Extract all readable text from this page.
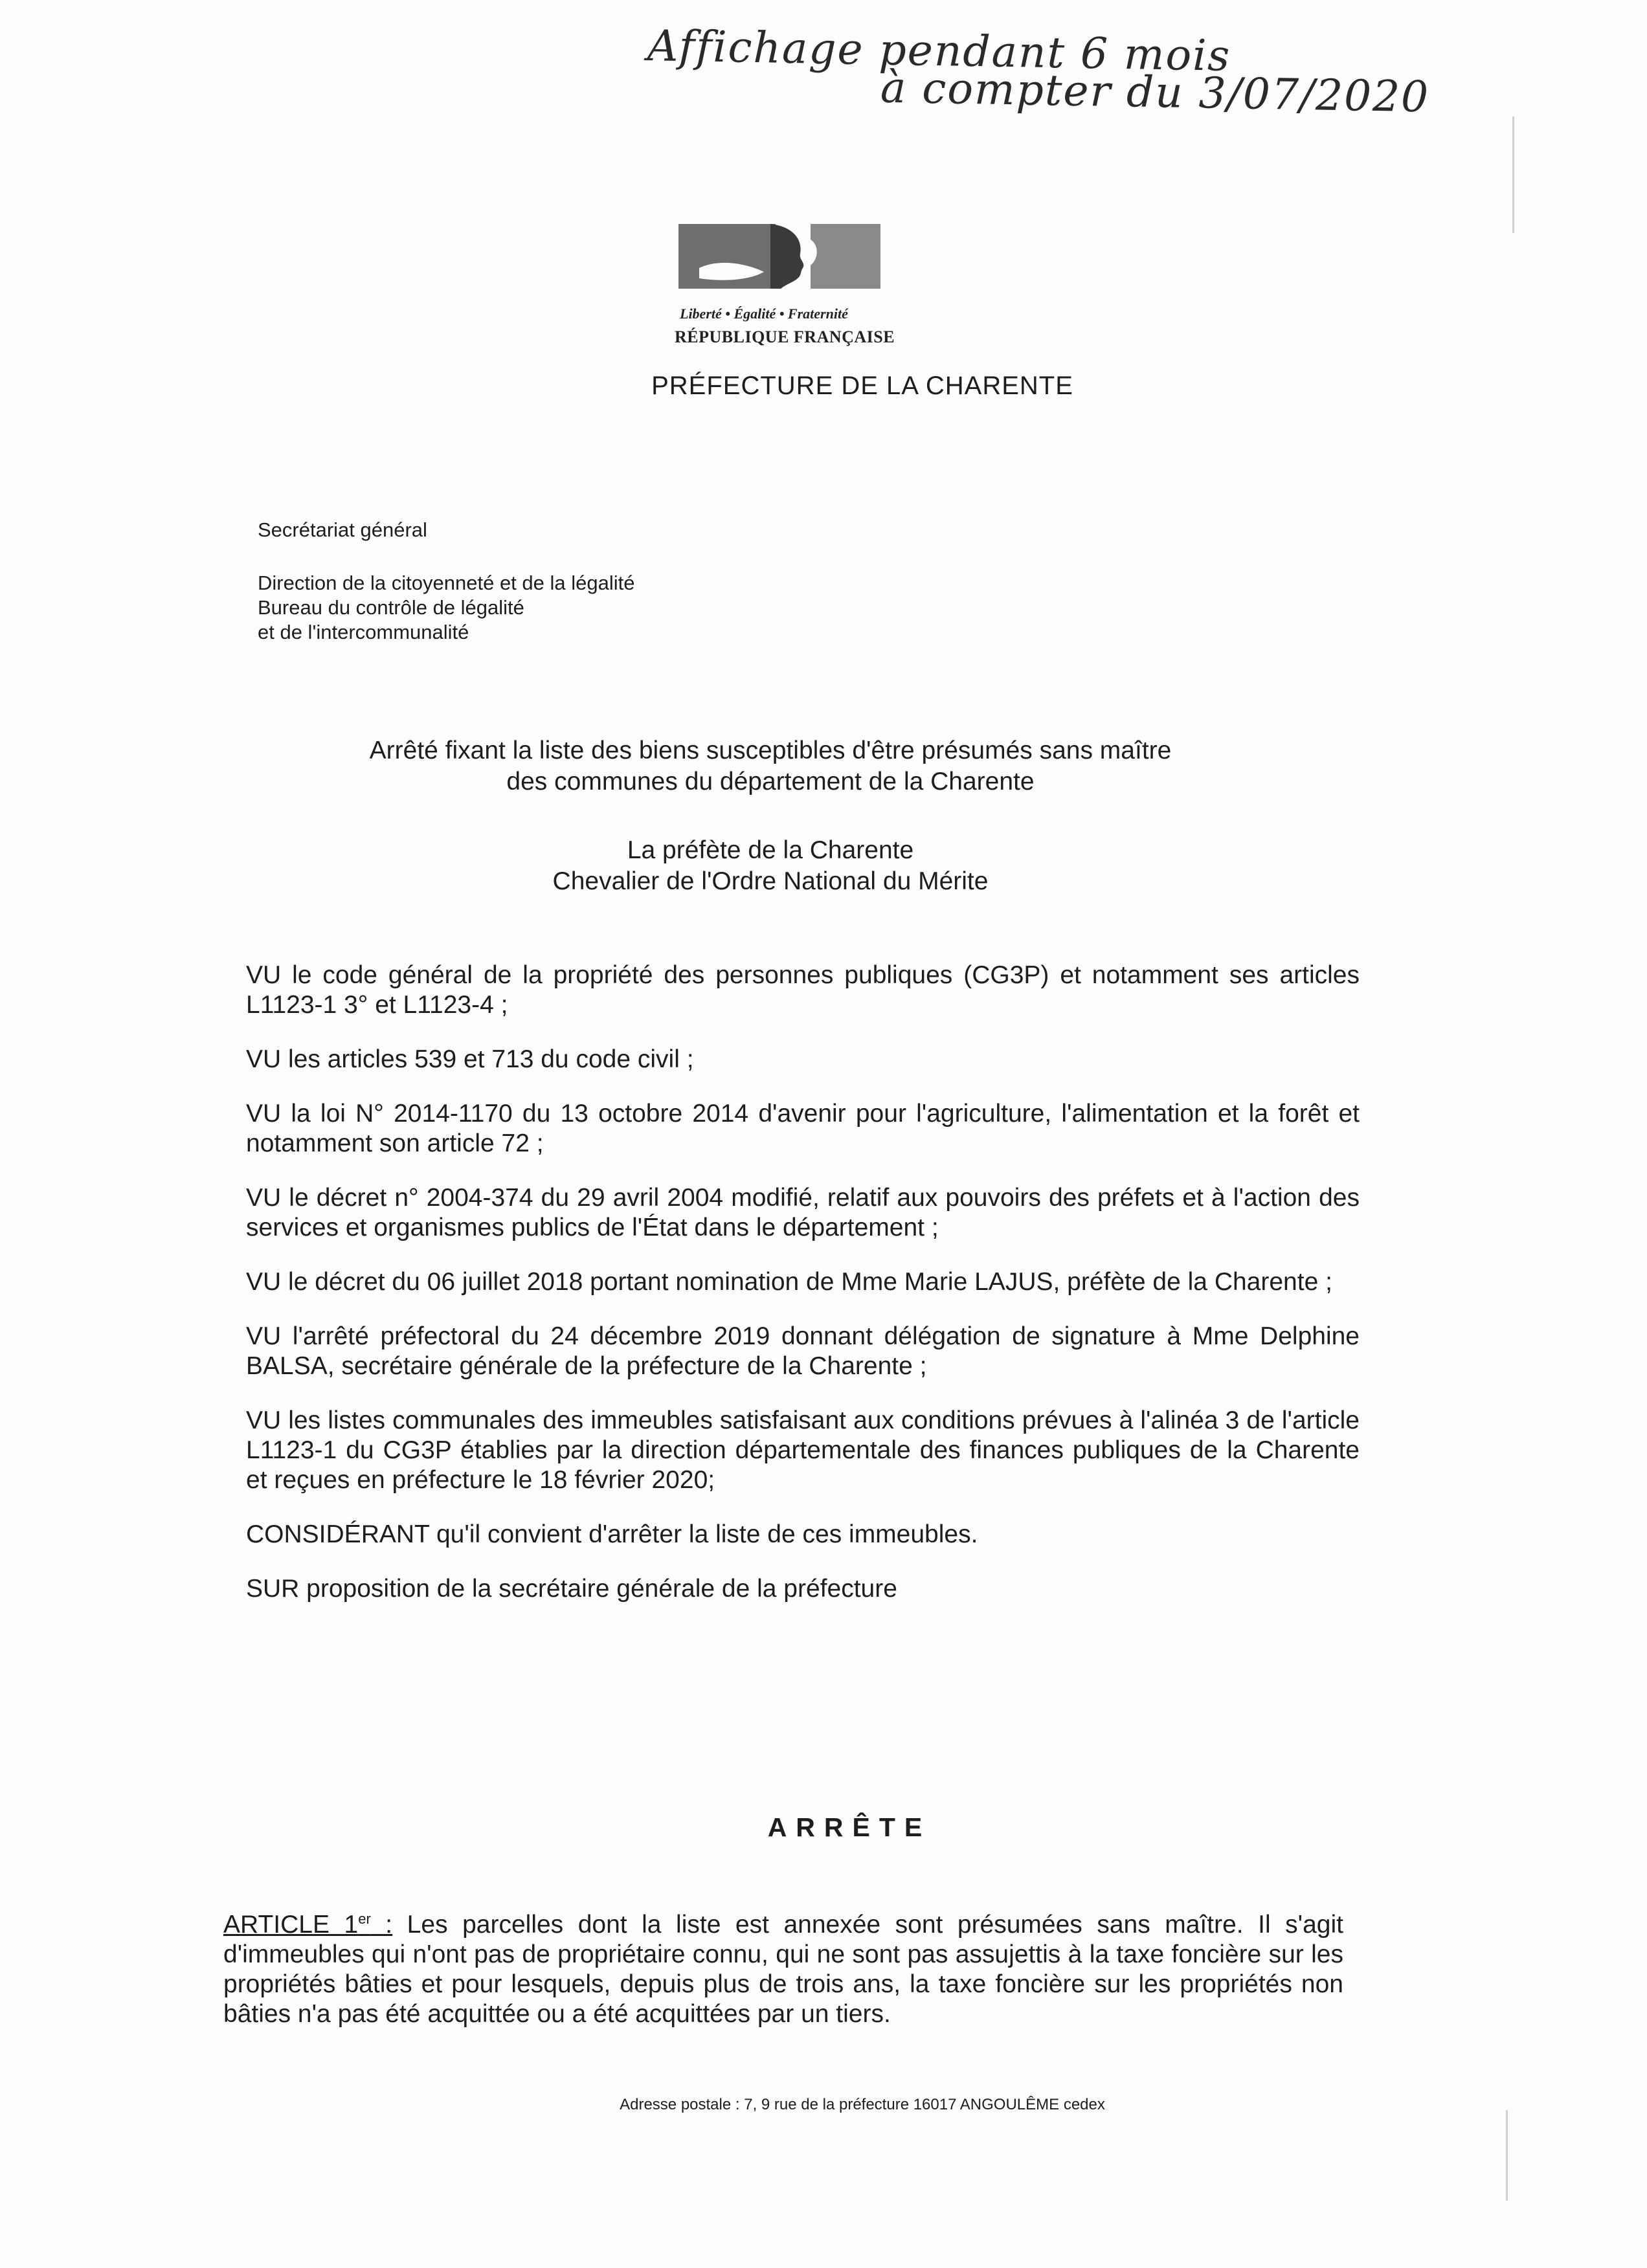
Affichage pendant 6 mois
à compter du 3/07/2020
Liberté • Égalité • Fraternité
RÉPUBLIQUE FRANÇAISE
PRÉFECTURE DE LA CHARENTE
Secrétariat général
Direction de la citoyenneté et de la légalité
Bureau du contrôle de légalité
et de l'intercommunalité
Arrêté fixant la liste des biens susceptibles d'être présumés sans maître
des communes du département de la Charente
La préfète de la Charente
Chevalier de l'Ordre National du Mérite

VU le code général de la propriété des personnes publiques (CG3P) et notamment ses articles L1123-1 3° et L1123-4 ;

VU les articles 539 et 713 du code civil ;

VU la loi N° 2014-1170 du 13 octobre 2014 d'avenir pour l'agriculture, l'alimentation et la forêt et notamment son article 72 ;

VU le décret n° 2004-374 du 29 avril 2004 modifié, relatif aux pouvoirs des préfets et à l'action des services et organismes publics de l'État dans le département ;

VU le décret du 06 juillet 2018 portant nomination de Mme Marie LAJUS, préfète de la Charente ;

VU l'arrêté préfectoral du 24 décembre 2019 donnant délégation de signature à Mme Delphine BALSA, secrétaire générale de la préfecture de la Charente ;

VU les listes communales des immeubles satisfaisant aux conditions prévues à l'alinéa 3 de l'article L1123-1 du CG3P établies par la direction départementale des finances publiques de la Charente et reçues en préfecture le 18 février 2020;

CONSIDÉRANT qu'il convient d'arrêter la liste de ces immeubles.

SUR proposition de la secrétaire générale de la préfecture

ARRÊTE
ARTICLE 1er : Les parcelles dont la liste est annexée sont présumées sans maître. Il s'agit d'immeubles qui n'ont pas de propriétaire connu, qui ne sont pas assujettis à la taxe foncière sur les propriétés bâties et pour lesquels, depuis plus de trois ans, la taxe foncière sur les propriétés non bâties n'a pas été acquittée ou a été acquittées par un tiers.
Adresse postale : 7, 9 rue de la préfecture 16017 ANGOULÊME cedex
